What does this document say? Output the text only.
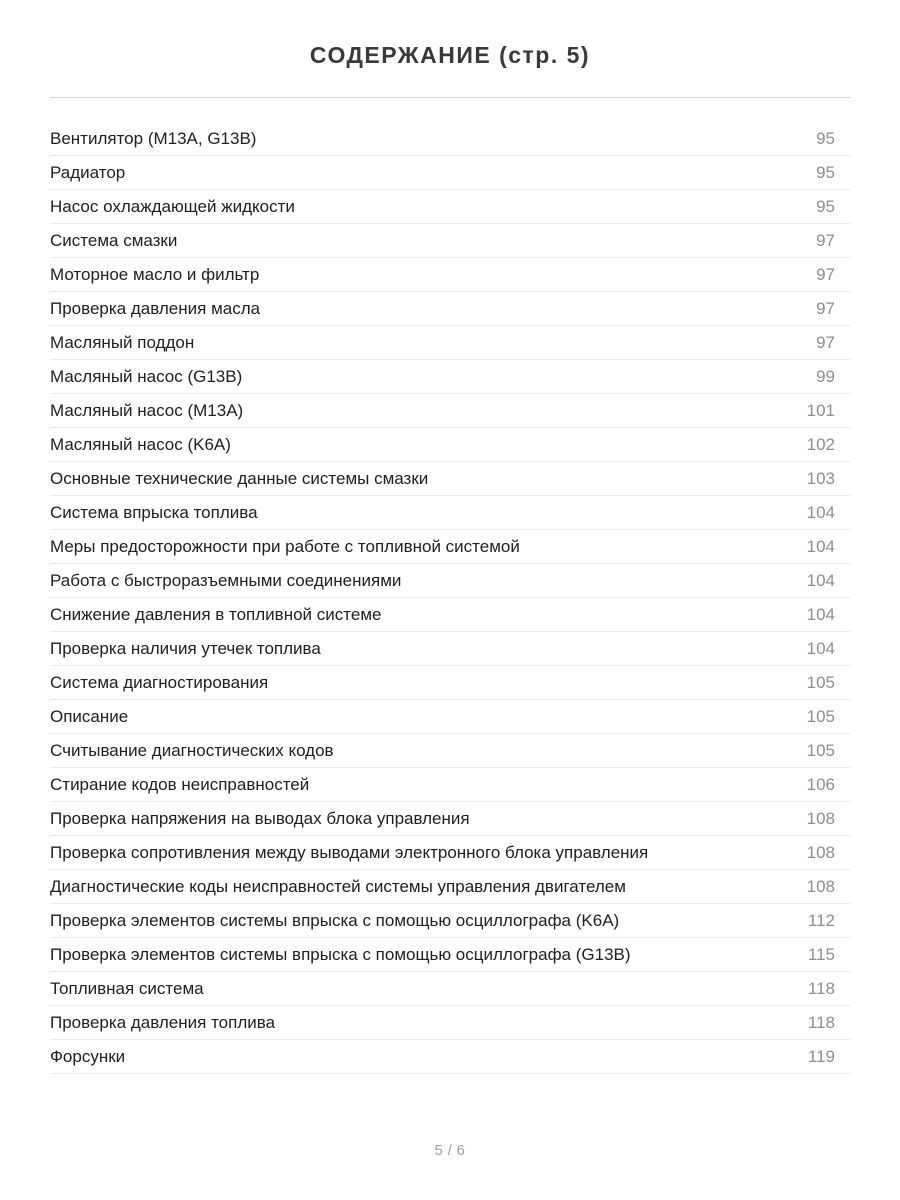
СОДЕРЖАНИЕ (стр. 5)
Вентилятор (M13A, G13B)	95
Радиатор	95
Насос охлаждающей жидкости	95
Система смазки	97
Моторное масло и фильтр	97
Проверка давления масла	97
Масляный поддон	97
Масляный насос (G13B)	99
Масляный насос (M13A)	101
Масляный насос (K6A)	102
Основные технические данные системы смазки	103
Система впрыска топлива	104
Меры предосторожности при работе с топливной системой	104
Работа с быстроразъемными соединениями	104
Снижение давления в топливной системе	104
Проверка наличия утечек топлива	104
Система диагностирования	105
Описание	105
Считывание диагностических кодов	105
Стирание кодов неисправностей	106
Проверка напряжения на выводах блока управления	108
Проверка сопротивления между выводами электронного блока управления	108
Диагностические коды неисправностей системы управления двигателем	108
Проверка элементов системы впрыска с помощью осциллографа (K6A)	112
Проверка элементов системы впрыска с помощью осциллографа (G13B)	115
Топливная система	118
Проверка давления топлива	118
Форсунки	119
5 / 6
